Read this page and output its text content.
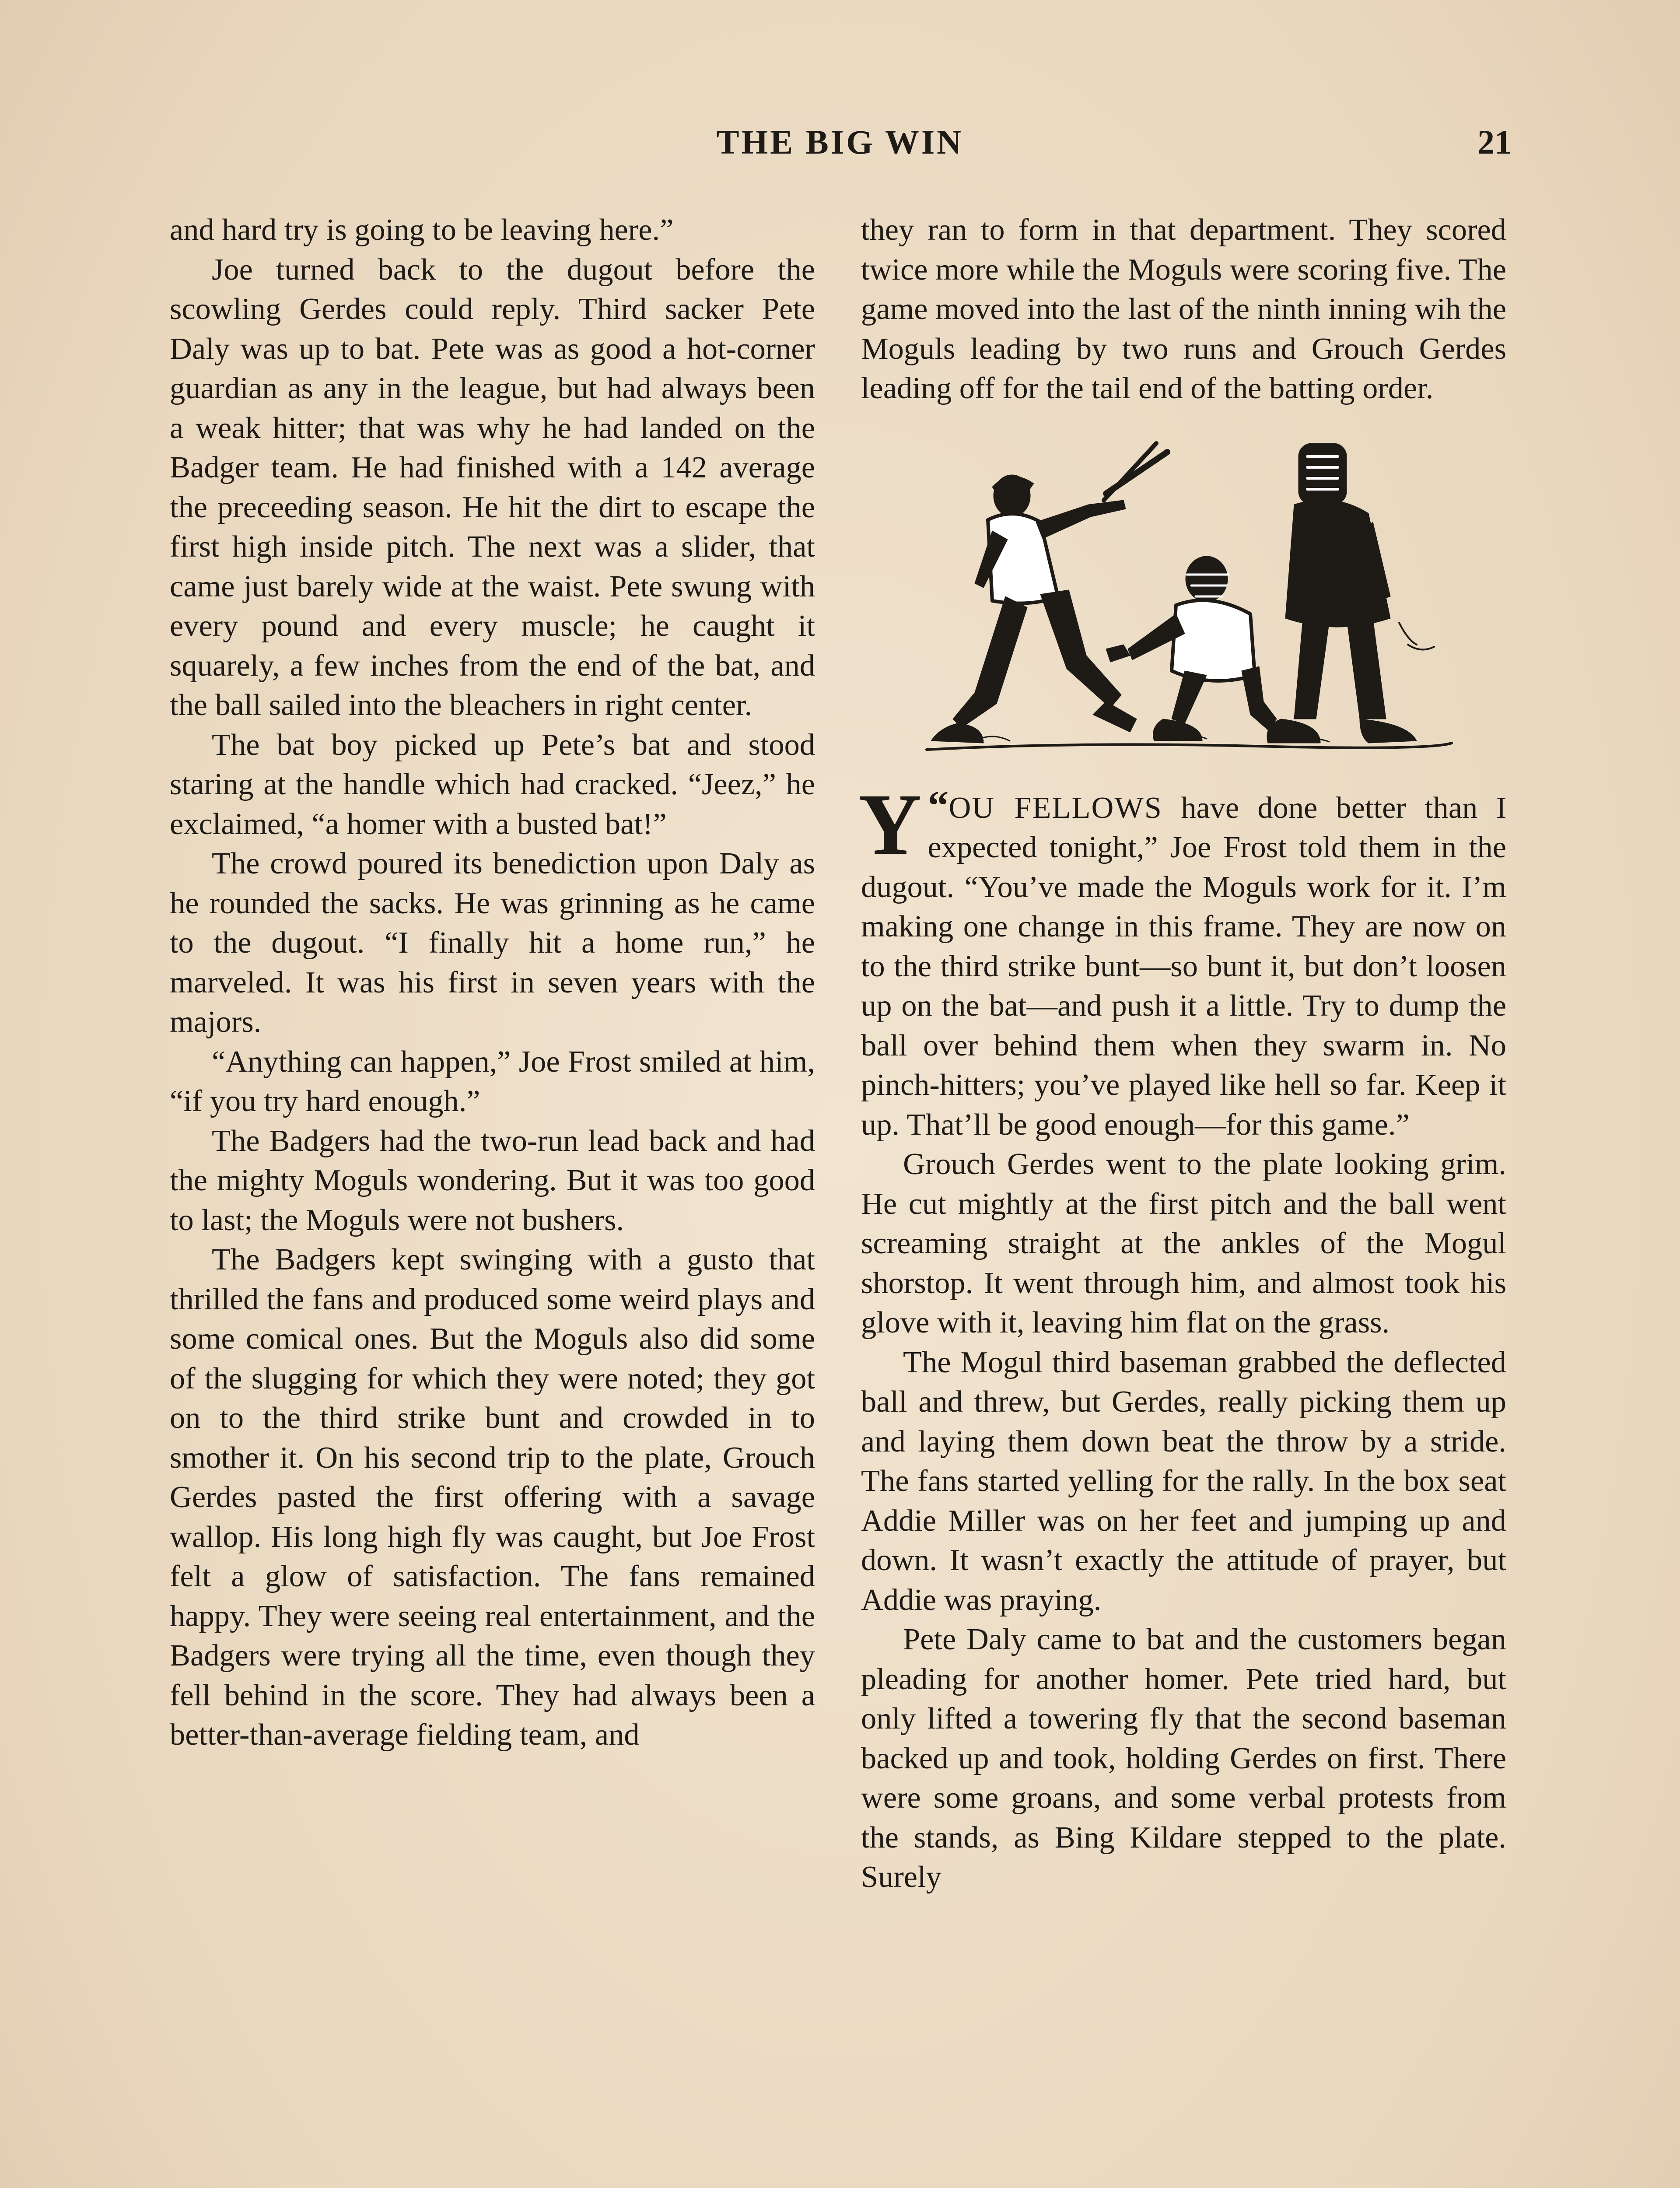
THE BIG WIN	21

and hard try is going to be leaving here.”

Joe turned back to the dugout before the scowling Gerdes could reply. Third sacker Pete Daly was up to bat. Pete was as good a hot-corner guardian as any in the league, but had always been a weak hitter; that was why he had landed on the Badger team. He had finished with a 142 average the preceeding season. He hit the dirt to escape the first high inside pitch. The next was a slider, that came just barely wide at the waist. Pete swung with every pound and every muscle; he caught it squarely, a few inches from the end of the bat, and the ball sailed into the bleachers in right center.

The bat boy picked up Pete’s bat and stood staring at the handle which had cracked. “Jeez,” he exclaimed, “a homer with a busted bat!”

The crowd poured its benediction upon Daly as he rounded the sacks. He was grinning as he came to the dugout. “I finally hit a home run,” he marveled. It was his first in seven years with the majors.

“Anything can happen,” Joe Frost smiled at him, “if you try hard enough.”

The Badgers had the two-run lead back and had the mighty Moguls wondering. But it was too good to last; the Moguls were not bushers.

The Badgers kept swinging with a gusto that thrilled the fans and produced some weird plays and some comical ones. But the Moguls also did some of the slugging for which they were noted; they got on to the third strike bunt and crowded in to smother it. On his second trip to the plate, Grouch Gerdes pasted the first offering with a savage wallop. His long high fly was caught, but Joe Frost felt a glow of satisfaction. The fans remained happy. They were seeing real entertainment, and the Badgers were trying all the time, even though they fell behind in the score. They had always been a better-than-average fielding team, and

they ran to form in that department. They scored twice more while the Moguls were scoring five. The game moved into the last of the ninth inning wih the Moguls leading by two runs and Grouch Gerdes leading off for the tail end of the batting order.

“
Y OU FELLOWS have done better than I expected tonight,” Joe Frost told them in the dugout. “You’ve made the Moguls work for it. I’m making one change in this frame. They are now on to the third strike bunt—so bunt it, but don’t loosen up on the bat—and push it a little. Try to dump the ball over behind them when they swarm in. No pinch-hitters; you’ve played like hell so far. Keep it up. That’ll be good enough—for this game.”

Grouch Gerdes went to the plate looking grim. He cut mightly at the first pitch and the ball went screaming straight at the ankles of the Mogul shorstop. It went through him, and almost took his glove with it, leaving him flat on the grass.

The Mogul third baseman grabbed the deflected ball and threw, but Gerdes, really picking them up and laying them down beat the throw by a stride. The fans started yelling for the rally. In the box seat Addie Miller was on her feet and jumping up and down. It wasn’t exactly the attitude of prayer, but Addie was praying.

Pete Daly came to bat and the customers began pleading for another homer. Pete tried hard, but only lifted a towering fly that the second baseman backed up and took, holding Gerdes on first. There were some groans, and some verbal protests from the stands, as Bing Kildare stepped to the plate. Surely
